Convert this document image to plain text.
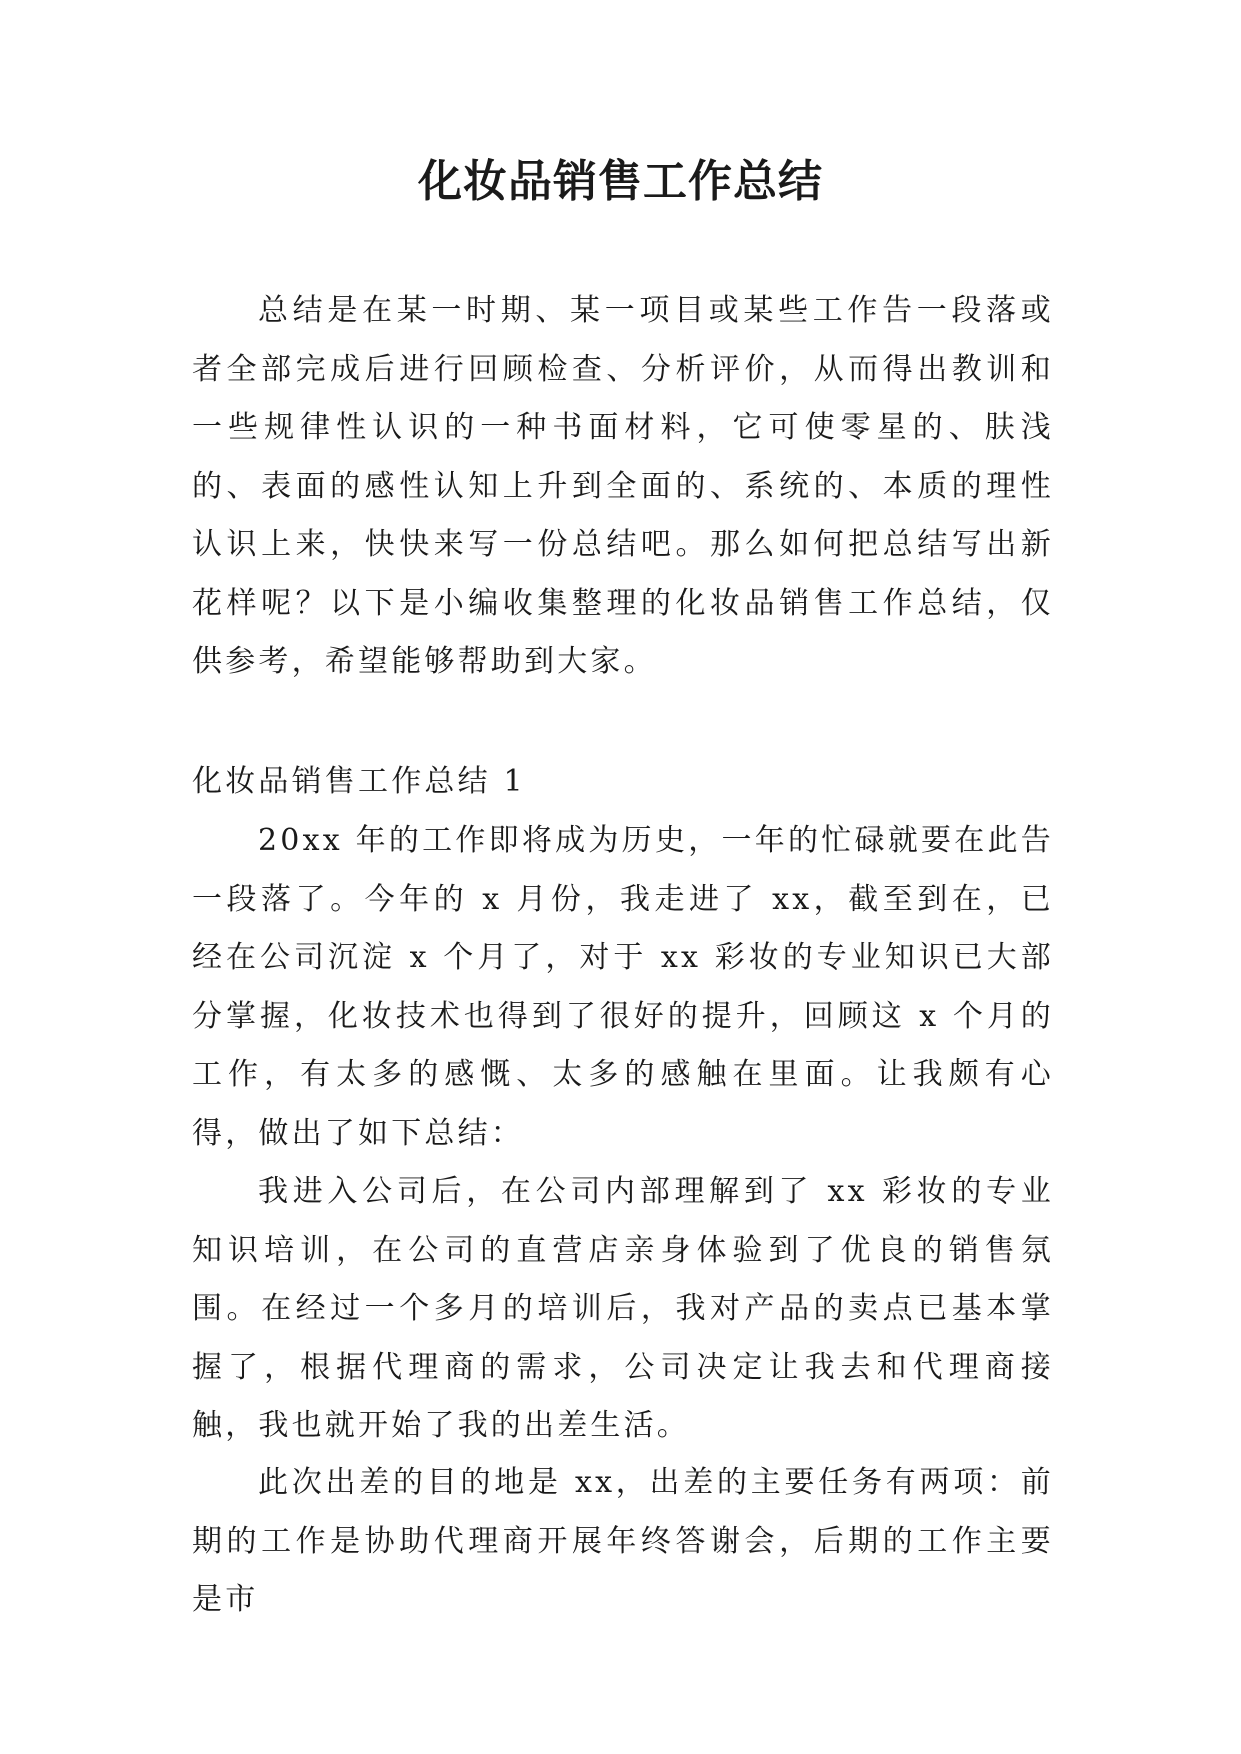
化妆品销售工作总结

总结是在某一时期、某一项目或某些工作告一段落或者全部完成后进行回顾检查、分析评价，从而得出教训和一些规律性认识的一种书面材料，它可使零星的、肤浅的、表面的感性认知上升到全面的、系统的、本质的理性认识上来，快快来写一份总结吧。那么如何把总结写出新花样呢？以下是小编收集整理的化妆品销售工作总结，仅供参考，希望能够帮助到大家。

化妆品销售工作总结 1

20xx 年的工作即将成为历史，一年的忙碌就要在此告一段落了。今年的 x 月份，我走进了 xx，截至到在，已经在公司沉淀 x 个月了，对于 xx 彩妆的专业知识已大部分掌握，化妆技术也得到了很好的提升，回顾这 x 个月的工作，有太多的感慨、太多的感触在里面。让我颇有心得，做出了如下总结：

我进入公司后，在公司内部理解到了 xx 彩妆的专业知识培训，在公司的直营店亲身体验到了优良的销售氛围。在经过一个多月的培训后，我对产品的卖点已基本掌握了，根据代理商的需求，公司决定让我去和代理商接触，我也就开始了我的出差生活。

此次出差的目的地是 xx，出差的主要任务有两项：前期的工作是协助代理商开展年终答谢会，后期的工作主要是市
